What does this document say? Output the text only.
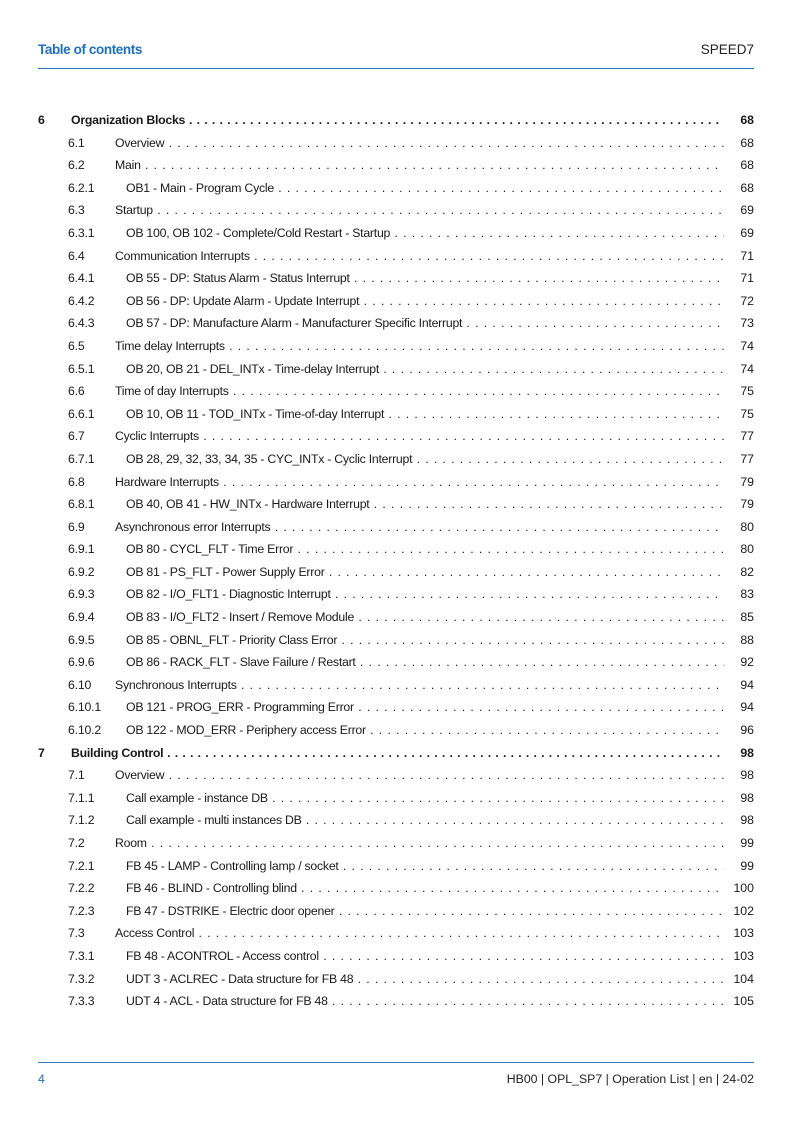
Table of contents	SPEED7
6 Organization Blocks . . .	68
6.1 Overview . . .	68
6.2 Main . . .	68
6.2.1	OB1 - Main - Program Cycle . . .	68
6.3 Startup . . .	69
6.3.1	OB 100, OB 102 - Complete/Cold Restart - Startup . . .	69
6.4 Communication Interrupts . . .	71
6.4.1	OB 55 - DP: Status Alarm - Status Interrupt . . .	71
6.4.2	OB 56 - DP: Update Alarm - Update Interrupt . . .	72
6.4.3	OB 57 - DP: Manufacture Alarm - Manufacturer Specific Interrupt . . .	73
6.5 Time delay Interrupts . . .	74
6.5.1	OB 20, OB 21 - DEL_INTx - Time-delay Interrupt . . .	74
6.6 Time of day Interrupts . . .	75
6.6.1	OB 10, OB 11 - TOD_INTx - Time-of-day Interrupt . . .	75
6.7 Cyclic Interrupts . . .	77
6.7.1	OB 28, 29, 32, 33, 34, 35 - CYC_INTx - Cyclic Interrupt . . .	77
6.8 Hardware Interrupts . . .	79
6.8.1	OB 40, OB 41 - HW_INTx - Hardware Interrupt . . .	79
6.9 Asynchronous error Interrupts . . .	80
6.9.1	OB 80 - CYCL_FLT - Time Error . . .	80
6.9.2	OB 81 - PS_FLT - Power Supply Error . . .	82
6.9.3	OB 82 - I/O_FLT1 - Diagnostic Interrupt . . .	83
6.9.4	OB 83 - I/O_FLT2 - Insert / Remove Module . . .	85
6.9.5	OB 85 - OBNL_FLT - Priority Class Error . . .	88
6.9.6	OB 86 - RACK_FLT - Slave Failure / Restart . . .	92
6.10 Synchronous Interrupts . . .	94
6.10.1 OB 121 - PROG_ERR - Programming Error . . .	94
6.10.2 OB 122 - MOD_ERR - Periphery access Error . . .	96
7 Building Control . . .	98
7.1 Overview . . .	98
7.1.1	Call example - instance DB . . .	98
7.1.2	Call example - multi instances DB . . .	98
7.2 Room . . .	99
7.2.1	FB 45 - LAMP - Controlling lamp / socket . . .	99
7.2.2	FB 46 - BLIND - Controlling blind . . .	100
7.2.3	FB 47 - DSTRIKE - Electric door opener . . .	102
7.3 Access Control . . .	103
7.3.1	FB 48 - ACONTROL - Access control . . .	103
7.3.2	UDT 3 - ACLREC - Data structure for FB 48 . . .	104
7.3.3	UDT 4 - ACL - Data structure for FB 48 . . .	105
4	HB00 | OPL_SP7 | Operation List | en | 24-02
